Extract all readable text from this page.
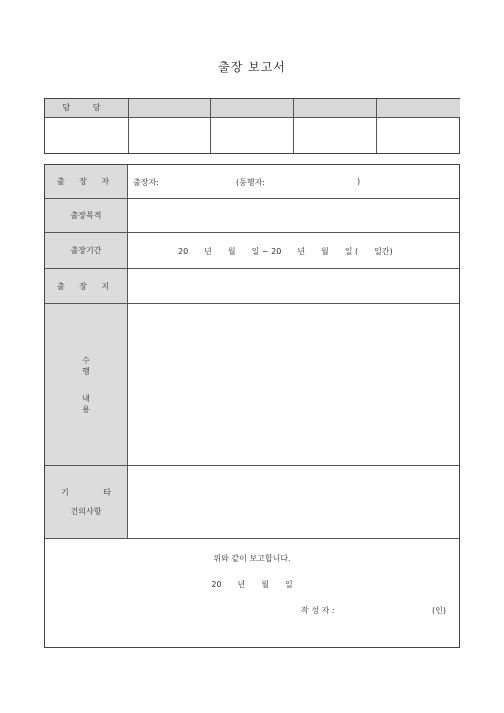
출장 보고서
담 당
출 장 자	출장자:	(동행자:	)
출장목적
출장기간	20　　년　　월　　일 ~ 20　　년　　월　　일 (　　일간)
출 장 지
수 행
내 용
기 타
건의사항
위와 같이 보고합니다.
20　　년　　월　　일
작 성 자 :	(인)
